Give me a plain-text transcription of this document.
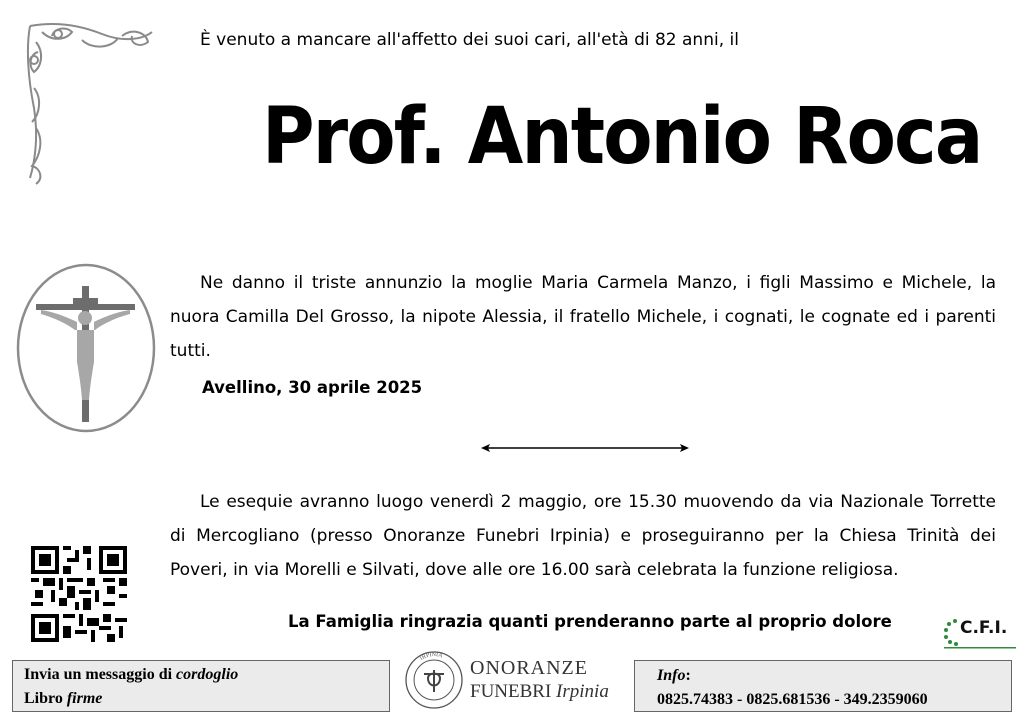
È venuto a mancare all'affetto dei suoi cari, all'età di 82 anni, il
Prof. Antonio Roca
Ne danno il triste annunzio la moglie Maria Carmela Manzo, i figli Massimo e Michele, la nuora Camilla Del Grosso, la nipote Alessia, il fratello Michele, i cognati, le cognate ed i parenti tutti.
Avellino, 30 aprile 2025
Le esequie avranno luogo venerdì 2 maggio, ore 15.30 muovendo da via Nazionale Torrette di Mercogliano (presso Onoranze Funebri Irpinia) e proseguiranno per la Chiesa Trinità dei Poveri, in via Morelli e Silvati, dove alle ore 16.00 sarà celebrata la funzione religiosa.
La Famiglia ringrazia quanti prenderanno parte al proprio dolore	C.F.I.
Invia un messaggio di cordoglio
Libro firme
IRPINIA
ONORANZE
FUNEBRI Irpinia
Info:
0825.74383 - 0825.681536 - 349.2359060
